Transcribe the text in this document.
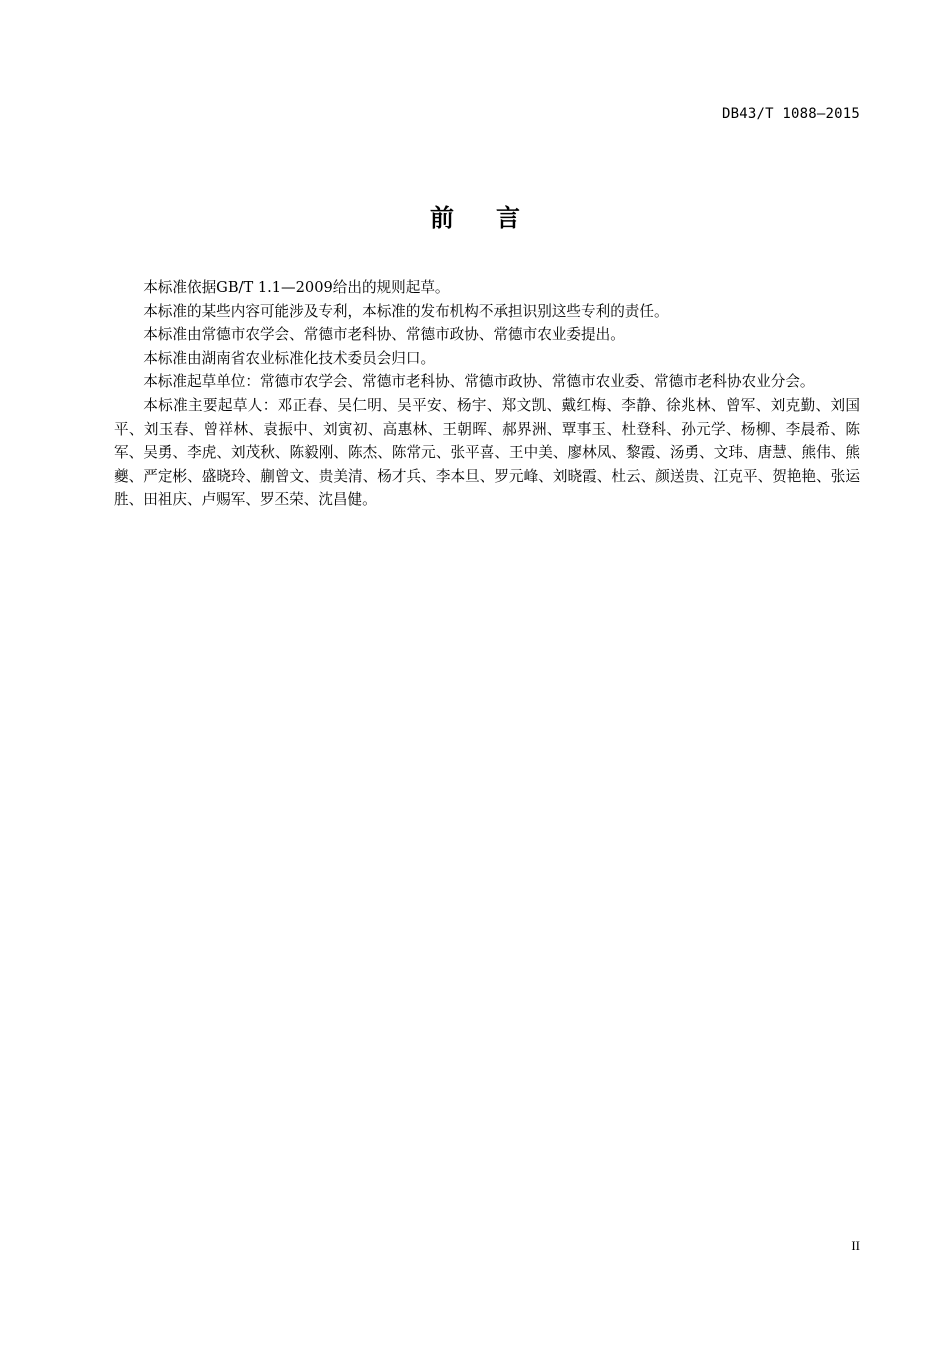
DB43/T 1088—2015
前 言

本标准依据GB/T 1.1—2009给出的规则起草。

本标准的某些内容可能涉及专利，本标准的发布机构不承担识别这些专利的责任。

本标准由常德市农学会、常德市老科协、常德市政协、常德市农业委提出。

本标准由湖南省农业标准化技术委员会归口。

本标准起草单位：常德市农学会、常德市老科协、常德市政协、常德市农业委、常德市老科协农业分会。

本标准主要起草人：邓正春、吴仁明、吴平安、杨宇、郑文凯、戴红梅、李静、徐兆林、曾军、刘克勤、刘国平、刘玉春、曾祥林、袁振中、刘寅初、高惠林、王朝晖、郝界洲、覃事玉、杜登科、孙元学、杨柳、李晨希、陈军、吴勇、李虎、刘茂秋、陈毅刚、陈杰、陈常元、张平喜、王中美、廖林凤、黎霞、汤勇、文玮、唐慧、熊伟、熊夔、严定彬、盛晓玲、蒯曾文、贵美清、杨才兵、李本旦、罗元峰、刘晓霞、杜云、颜送贵、江克平、贺艳艳、张运胜、田祖庆、卢赐军、罗丕荣、沈昌健。

II
